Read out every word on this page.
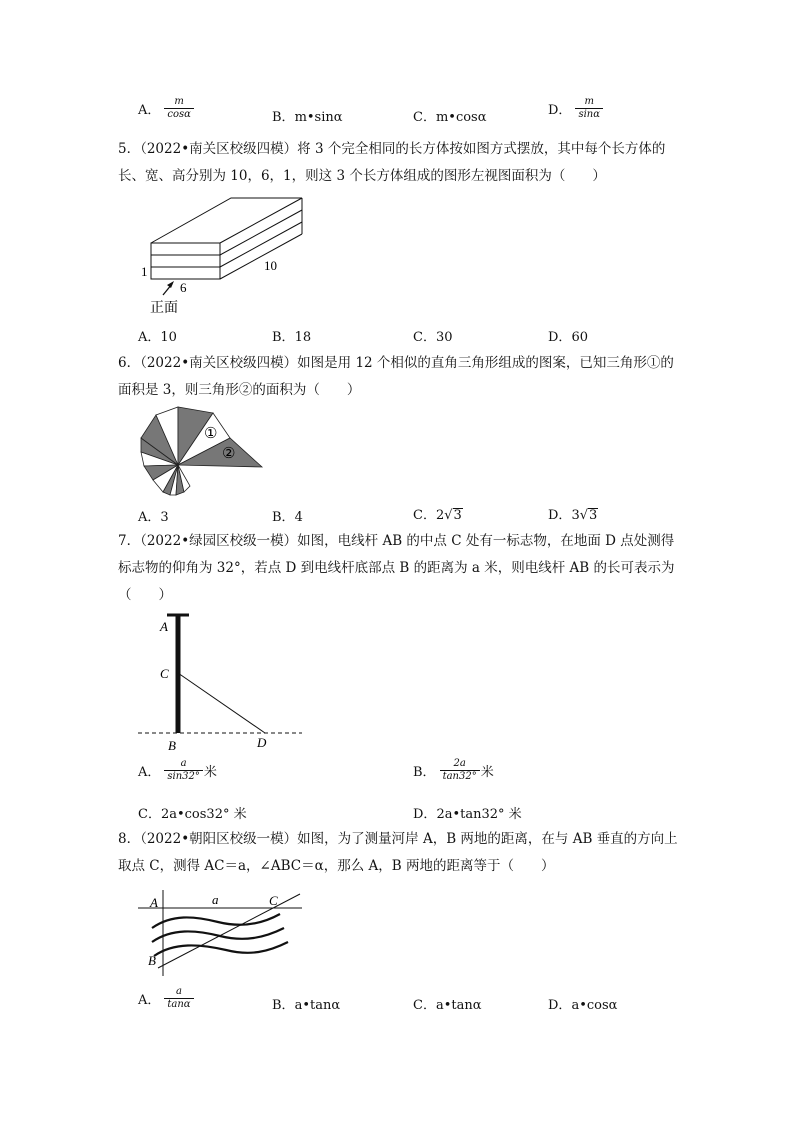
A． $\frac{m}{\cos\alpha}$	B．m•sinα	C．m•cosα	D． $\frac{m}{\sin\alpha}$
5．（2022•南关区校级四模）将 3 个完全相同的长方体按如图方式摆放，其中每个长方体的长、宽、高分别为 10，6，1，则这 3 个长方体组成的图形左视图面积为（　　）
1
6
10
正面
A．10	B．18	C．30	D．60
6．（2022•南关区校级四模）如图是用 12 个相似的直角三角形组成的图案，已知三角形①的面积是 3，则三角形②的面积为（　　）
①
②
A．3	B．4	C．2√3	D．3√3
7．（2022•绿园区校级一模）如图，电线杆 AB 的中点 C 处有一标志物，在地面 D 点处测得标志物的仰角为 32°，若点 D 到电线杆底部点 B 的距离为 a 米，则电线杆 AB 的长可表示为（　　）
A
C
B	D
A． $\frac{a}{\sin 32^\circ}$ 米	B． $\frac{2a}{\tan 32^\circ}$ 米
C．2a•cos32° 米	D．2a•tan32° 米
8．（2022•朝阳区校级一模）如图，为了测量河岸 A，B 两地的距离，在与 AB 垂直的方向上取点 C，测得 AC＝a，∠ABC＝α，那么 A，B 两地的距离等于（　　）
A	a	C
B
A． $\frac{a}{\tan\alpha}$	B．a•tanα	C．a•tanα	D．a•cosα
